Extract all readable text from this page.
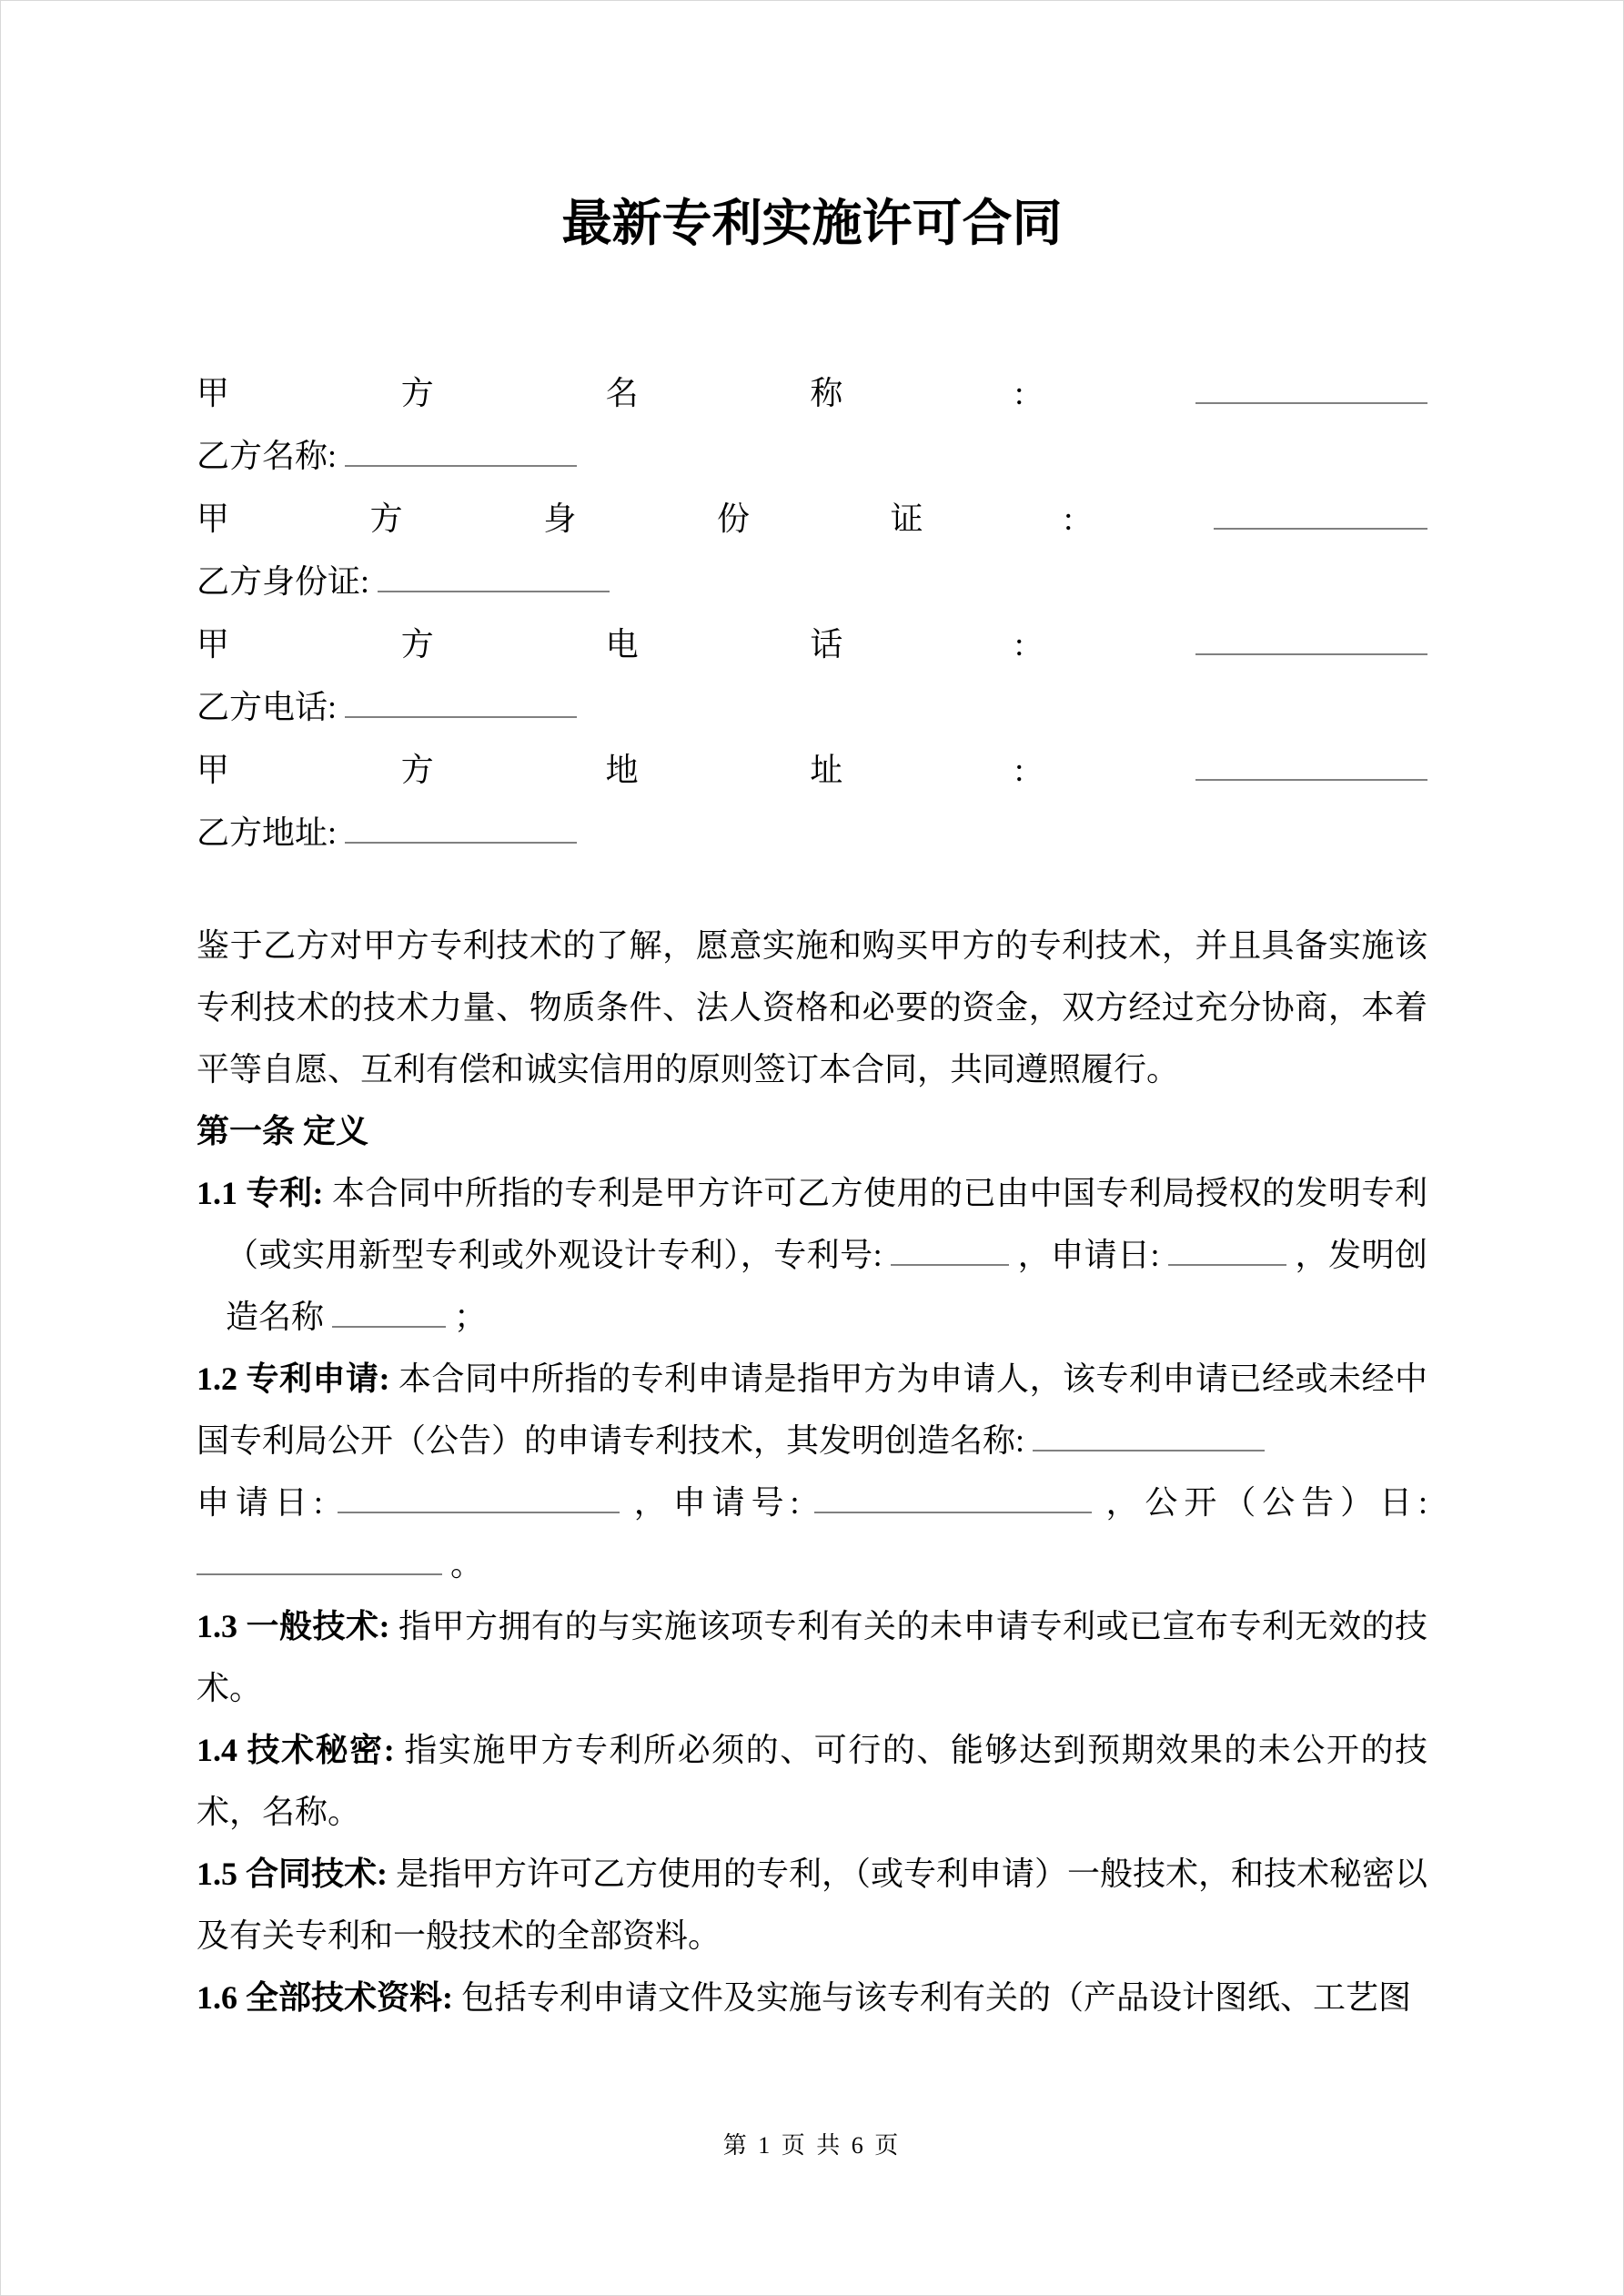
最新专利实施许可合同
甲	方	名	称	:
乙方名称:
甲	方	身	份	证	:
乙方身份证:
甲	方	电	话	:
乙方电话:
甲	方	地	址	:
乙方地址:

鉴于乙方对甲方专利技术的了解，愿意实施和购买甲方的专利技术，并且具备实施该专利技术的技术力量、物质条件、法人资格和必要的资金，双方经过充分协商，本着平等自愿、互利有偿和诚实信用的原则签订本合同，共同遵照履行。

第一条 定义

1.1 专利: 本合同中所指的专利是甲方许可乙方使用的已由中国专利局授权的发明专利（或实用新型专利或外观设计专利），专利号:	，申请日:	，发明创造名称	；

1.2 专利申请: 本合同中所指的专利申请是指甲方为申请人，该专利申请已经或未经中国专利局公开（公告）的申请专利技术，其发明创造名称:

申请日:	，申请号:	，公开（公告）日:  。

1.3 一般技术: 指甲方拥有的与实施该项专利有关的未申请专利或已宣布专利无效的技术。

1.4 技术秘密: 指实施甲方专利所必须的、可行的、能够达到预期效果的未公开的技术，名称。

1.5 合同技术: 是指甲方许可乙方使用的专利，（或专利申请）一般技术，和技术秘密以及有关专利和一般技术的全部资料。

1.6 全部技术资料: 包括专利申请文件及实施与该专利有关的（产品设计图纸、工艺图

第 1 页 共 6 页
